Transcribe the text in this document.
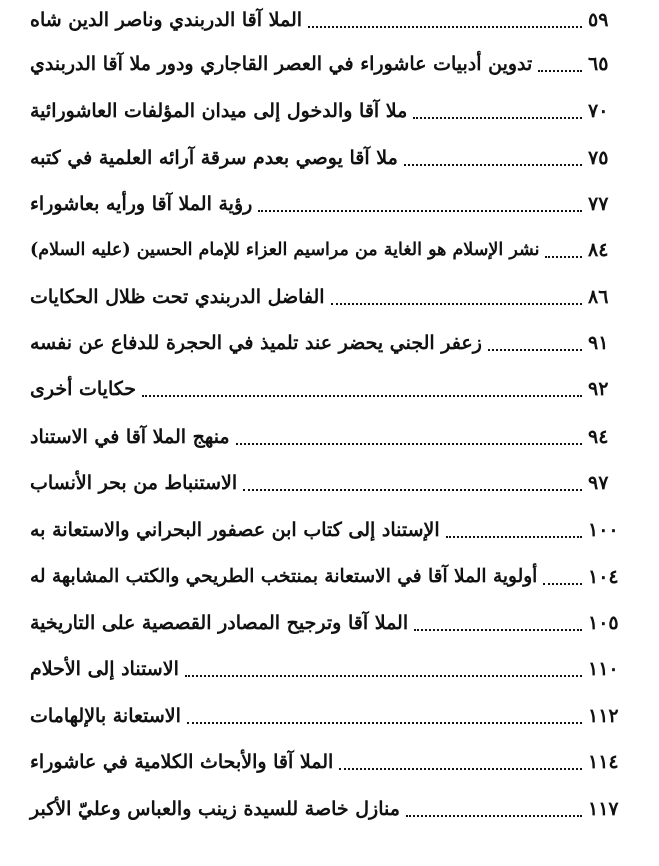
الملا آقا الدربندي وناصر الدين شاه	٥٩
تدوين أدبيات عاشوراء في العصر القاجاري ودور ملا آقا الدربندي	٦٥
ملا آقا والدخول إلى ميدان المؤلفات العاشورائية	٧٠
ملا آقا يوصي بعدم سرقة آرائه العلمية في كتبه	٧٥
رؤية الملا آقا ورأيه بعاشوراء	٧٧
نشر الإسلام هو الغاية من مراسيم العزاء للإمام الحسين (عليه السلام)	٨٤
الفاضل الدربندي تحت ظلال الحكايات	٨٦
زعفر الجني يحضر عند تلميذ في الحجرة للدفاع عن نفسه	٩١
حكايات أخرى	٩٢
منهج الملا آقا في الاستناد	٩٤
الاستنباط من بحر الأنساب	٩٧
الإستناد إلى كتاب ابن عصفور البحراني والاستعانة به	١٠٠
أولوية الملا آقا في الاستعانة بمنتخب الطريحي والكتب المشابهة له	١٠٤
الملا آقا وترجيح المصادر القصصية على التاريخية	١٠٥
الاستناد إلى الأحلام	١١٠
الاستعانة بالإلهامات	١١٢
الملا آقا والأبحاث الكلامية في عاشوراء	١١٤
منازل خاصة للسيدة زينب والعباس وعليّ الأكبر	١١٧
